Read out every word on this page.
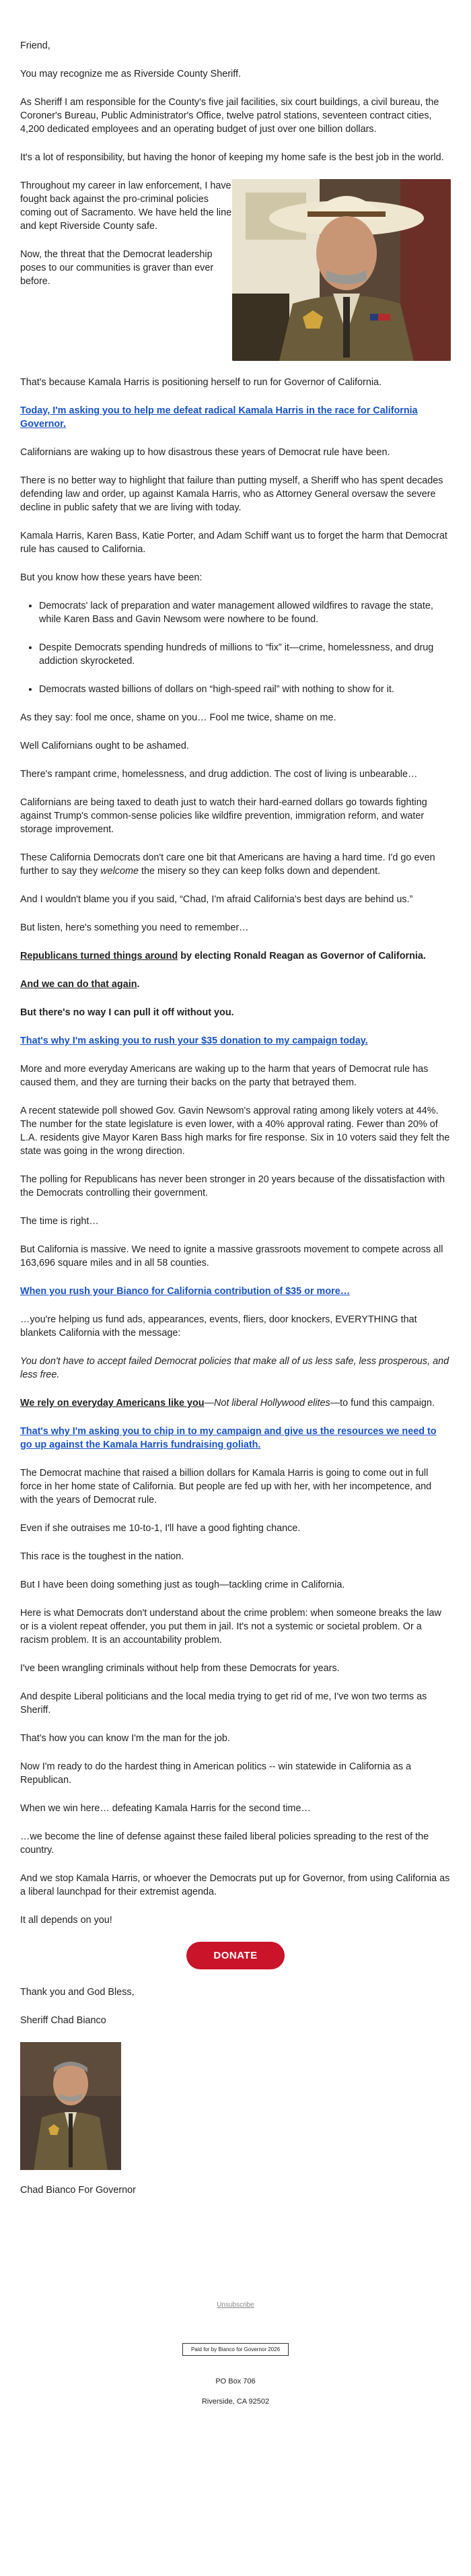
Friend,

You may recognize me as Riverside County Sheriff.

As Sheriff I am responsible for the County's five jail facilities, six court buildings, a civil bureau, the Coroner's Bureau, Public Administrator's Office, twelve patrol stations, seventeen contract cities, 4,200 dedicated employees and an operating budget of just over one billion dollars.

It's a lot of responsibility, but having the honor of keeping my home safe is the best job in the world.

Throughout my career in law enforcement, I have fought back against the pro-criminal policies coming out of Sacramento. We have held the line and kept Riverside County safe.

Now, the threat that the Democrat leadership poses to our communities is graver than ever before.

That's because Kamala Harris is positioning herself to run for Governor of California.

Today, I'm asking you to help me defeat radical Kamala Harris in the race for California Governor.

Californians are waking up to how disastrous these years of Democrat rule have been.

There is no better way to highlight that failure than putting myself, a Sheriff who has spent decades defending law and order, up against Kamala Harris, who as Attorney General oversaw the severe decline in public safety that we are living with today.

Kamala Harris, Karen Bass, Katie Porter, and Adam Schiff want us to forget the harm that Democrat rule has caused to California.

But you know how these years have been:

• Democrats' lack of preparation and water management allowed wildfires to ravage the state, while Karen Bass and Gavin Newsom were nowhere to be found.
• Despite Democrats spending hundreds of millions to “fix” it—crime, homelessness, and drug addiction skyrocketed.
• Democrats wasted billions of dollars on “high-speed rail” with nothing to show for it.

As they say: fool me once, shame on you… Fool me twice, shame on me.

Well Californians ought to be ashamed.

There's rampant crime, homelessness, and drug addiction. The cost of living is unbearable…

Californians are being taxed to death just to watch their hard-earned dollars go towards fighting against Trump's common-sense policies like wildfire prevention, immigration reform, and water storage improvement.

These California Democrats don't care one bit that Americans are having a hard time. I'd go even further to say they welcome the misery so they can keep folks down and dependent.

And I wouldn't blame you if you said, “Chad, I'm afraid California's best days are behind us.”

But listen, here's something you need to remember…

Republicans turned things around by electing Ronald Reagan as Governor of California.

And we can do that again.

But there's no way I can pull it off without you.

That's why I'm asking you to rush your $35 donation to my campaign today.

More and more everyday Americans are waking up to the harm that years of Democrat rule has caused them, and they are turning their backs on the party that betrayed them.

A recent statewide poll showed Gov. Gavin Newsom's approval rating among likely voters at 44%. The number for the state legislature is even lower, with a 40% approval rating. Fewer than 20% of L.A. residents give Mayor Karen Bass high marks for fire response. Six in 10 voters said they felt the state was going in the wrong direction.

The polling for Republicans has never been stronger in 20 years because of the dissatisfaction with the Democrats controlling their government.

The time is right…

But California is massive. We need to ignite a massive grassroots movement to compete across all 163,696 square miles and in all 58 counties.

When you rush your Bianco for California contribution of $35 or more…

…you're helping us fund ads, appearances, events, fliers, door knockers, EVERYTHING that blankets California with the message:

You don't have to accept failed Democrat policies that make all of us less safe, less prosperous, and less free.

We rely on everyday Americans like you—Not liberal Hollywood elites—to fund this campaign.

That's why I'm asking you to chip in to my campaign and give us the resources we need to go up against the Kamala Harris fundraising goliath.

The Democrat machine that raised a billion dollars for Kamala Harris is going to come out in full force in her home state of California. But people are fed up with her, with her incompetence, and with the years of Democrat rule.

Even if she outraises me 10-to-1, I'll have a good fighting chance.

This race is the toughest in the nation.

But I have been doing something just as tough—tackling crime in California.

Here is what Democrats don't understand about the crime problem: when someone breaks the law or is a violent repeat offender, you put them in jail. It's not a systemic or societal problem. Or a racism problem. It is an accountability problem.

I've been wrangling criminals without help from these Democrats for years.

And despite Liberal politicians and the local media trying to get rid of me, I've won two terms as Sheriff.

That's how you can know I'm the man for the job.

Now I'm ready to do the hardest thing in American politics -- win statewide in California as a Republican.

When we win here… defeating Kamala Harris for the second time…

…we become the line of defense against these failed liberal policies spreading to the rest of the country.

And we stop Kamala Harris, or whoever the Democrats put up for Governor, from using California as a liberal launchpad for their extremist agenda.

It all depends on you!

DONATE

Thank you and God Bless,

Sheriff Chad Bianco

Chad Bianco For Governor

Unsubscribe
Paid for by Bianco for Governor 2026
PO Box 706
Riverside, CA 92502
